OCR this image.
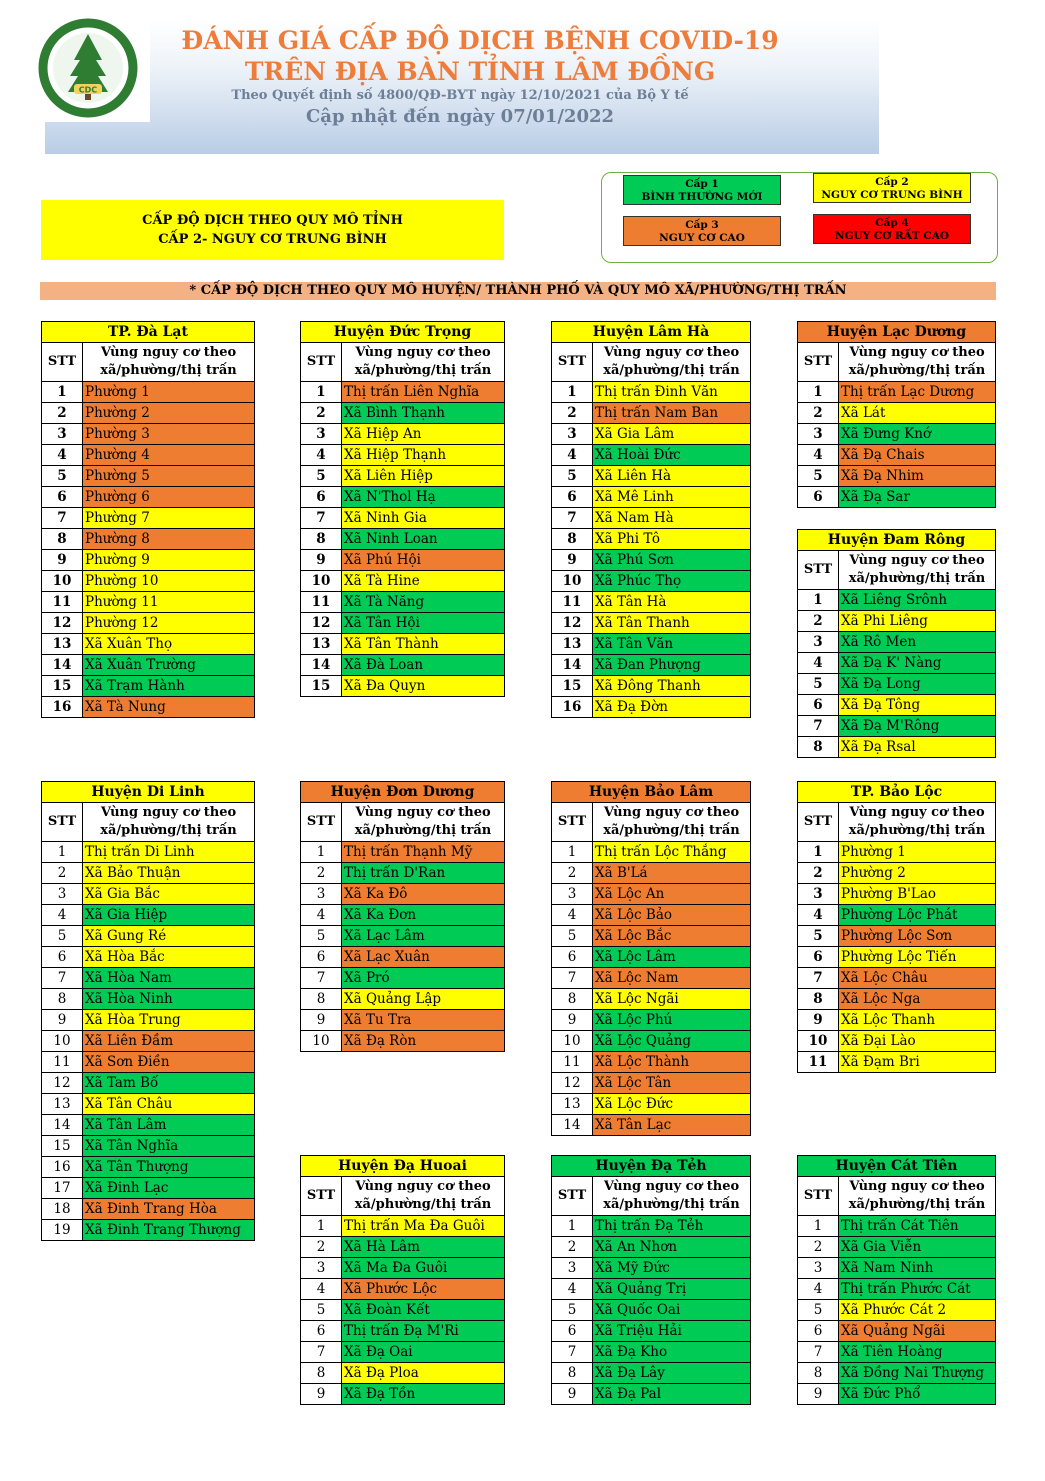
CDC
ĐÁNH GIÁ CẤP ĐỘ DỊCH BỆNH COVID-19
TRÊN ĐỊA BÀN TỈNH LÂM ĐỒNG
Theo Quyết định số 4800/QĐ-BYT ngày 12/10/2021 của Bộ Y tế
Cập nhật đến ngày 07/01/2022
CẤP ĐỘ DỊCH THEO QUY MÔ TỈNH
CẤP 2- NGUY CƠ TRUNG BÌNH
Cấp 1
BÌNH THƯỜNG MỚI
Cấp 2
NGUY CƠ TRUNG BÌNH
Cấp 3
NGUY CƠ CAO
Cấp 4
NGUY CƠ RẤT CAO
* CẤP ĐỘ DỊCH THEO QUY MÔ HUYỆN/ THÀNH PHỐ VÀ QUY MÔ XÃ/PHƯỜNG/THỊ TRẤN
TP. Đà Lạt	
STT	Vùng nguy cơ theo
xã/phường/thị trấn

1	Phường 1
2	Phường 2
3	Phường 3
4	Phường 4
5	Phường 5
6	Phường 6
7	Phường 7
8	Phường 8
9	Phường 9
10	Phường 10
11	Phường 11
12	Phường 12
13	Xã Xuân Thọ
14	Xã Xuân Trường
15	Xã Trạm Hành
16	Xã Tà Nung
Huyện Đức Trọng	
STT	Vùng nguy cơ theo
xã/phường/thị trấn

1	Thị trấn Liên Nghĩa
2	Xã Bình Thạnh
3	Xã Hiệp An
4	Xã Hiệp Thạnh
5	Xã Liên Hiệp
6	Xã N'Thol Hạ
7	Xã Ninh Gia
8	Xã Ninh Loan
9	Xã Phú Hội
10	Xã Tà Hine
11	Xã Tà Năng
12	Xã Tân Hội
13	Xã Tân Thành
14	Xã Đà Loan
15	Xã Đa Quyn
Huyện Lâm Hà	
STT	Vùng nguy cơ theo
xã/phường/thị trấn

1	Thị trấn Đinh Văn
2	Thị trấn Nam Ban
3	Xã Gia Lâm
4	Xã Hoài Đức
5	Xã Liên Hà
6	Xã Mê Linh
7	Xã Nam Hà
8	Xã Phi Tô
9	Xã Phú Sơn
10	Xã Phúc Thọ
11	Xã Tân Hà
12	Xã Tân Thanh
13	Xã Tân Văn
14	Xã Đan Phượng
15	Xã Đông Thanh
16	Xã Đạ Đờn
Huyện Lạc Dương	
STT	Vùng nguy cơ theo
xã/phường/thị trấn

1	Thị trấn Lạc Dương
2	Xã Lát
3	Xã Đưng Knớ
4	Xã Đạ Chais
5	Xã Đạ Nhim
6	Xã Đạ Sar
Huyện Đam Rông	
STT	Vùng nguy cơ theo
xã/phường/thị trấn

1	Xã Liêng Srônh
2	Xã Phi Liêng
3	Xã Rô Men
4	Xã Đạ K' Nàng
5	Xã Đạ Long
6	Xã Đạ Tông
7	Xã Đạ M'Rông
8	Xã Đạ Rsal
Huyện Di Linh	
STT	Vùng nguy cơ theo
xã/phường/thị trấn

1	Thị trấn Di Linh
2	Xã Bảo Thuận
3	Xã Gia Bắc
4	Xã Gia Hiệp
5	Xã Gung Ré
6	Xã Hòa Bắc
7	Xã Hòa Nam
8	Xã Hòa Ninh
9	Xã Hòa Trung
10	Xã Liên Đầm
11	Xã Sơn Điền
12	Xã Tam Bố
13	Xã Tân Châu
14	Xã Tân Lâm
15	Xã Tân Nghĩa
16	Xã Tân Thượng
17	Xã Đinh Lạc
18	Xã Đinh Trang Hòa
19	Xã Đinh Trang Thượng
Huyện Đơn Dương	
STT	Vùng nguy cơ theo
xã/phường/thị trấn

1	Thị trấn Thạnh Mỹ
2	Thị trấn D'Ran
3	Xã Ka Đô
4	Xã Ka Đơn
5	Xã Lạc Lâm
6	Xã Lạc Xuân
7	Xã Pró
8	Xã Quảng Lập
9	Xã Tu Tra
10	Xã Đạ Ròn
Huyện Bảo Lâm	
STT	Vùng nguy cơ theo
xã/phường/thị trấn

1	Thị trấn Lộc Thắng
2	Xã B'Lá
3	Xã Lộc An
4	Xã Lộc Bảo
5	Xã Lộc Bắc
6	Xã Lộc Lâm
7	Xã Lộc Nam
8	Xã Lộc Ngãi
9	Xã Lộc Phú
10	Xã Lộc Quảng
11	Xã Lộc Thành
12	Xã Lộc Tân
13	Xã Lộc Đức
14	Xã Tân Lạc
TP. Bảo Lộc	
STT	Vùng nguy cơ theo
xã/phường/thị trấn

1	Phường 1
2	Phường 2
3	Phường B'Lao
4	Phường Lộc Phát
5	Phường Lộc Sơn
6	Phường Lộc Tiến
7	Xã Lộc Châu
8	Xã Lộc Nga
9	Xã Lộc Thanh
10	Xã Đại Lào
11	Xã Đạm Bri
Huyện Đạ Huoai	
STT	Vùng nguy cơ theo
xã/phường/thị trấn

1	Thị trấn Ma Đa Guôi
2	Xã Hà Lâm
3	Xã Ma Đa Guôi
4	Xã Phước Lộc
5	Xã Đoàn Kết
6	Thị trấn Đạ M'Ri
7	Xã Đạ Oai
8	Xã Đạ Ploa
9	Xã Đạ Tồn
Huyện Đạ Tẻh	
STT	Vùng nguy cơ theo
xã/phường/thị trấn

1	Thị trấn Đạ Tẻh
2	Xã An Nhơn
3	Xã Mỹ Đức
4	Xã Quảng Trị
5	Xã Quốc Oai
6	Xã Triệu Hải
7	Xã Đạ Kho
8	Xã Đạ Lây
9	Xã Đạ Pal
Huyện Cát Tiên	
STT	Vùng nguy cơ theo
xã/phường/thị trấn

1	Thị trấn Cát Tiên
2	Xã Gia Viễn
3	Xã Nam Ninh
4	Thị trấn Phước Cát
5	Xã Phước Cát 2
6	Xã Quảng Ngãi
7	Xã Tiên Hoàng
8	Xã Đồng Nai Thượng
9	Xã Đức Phổ
